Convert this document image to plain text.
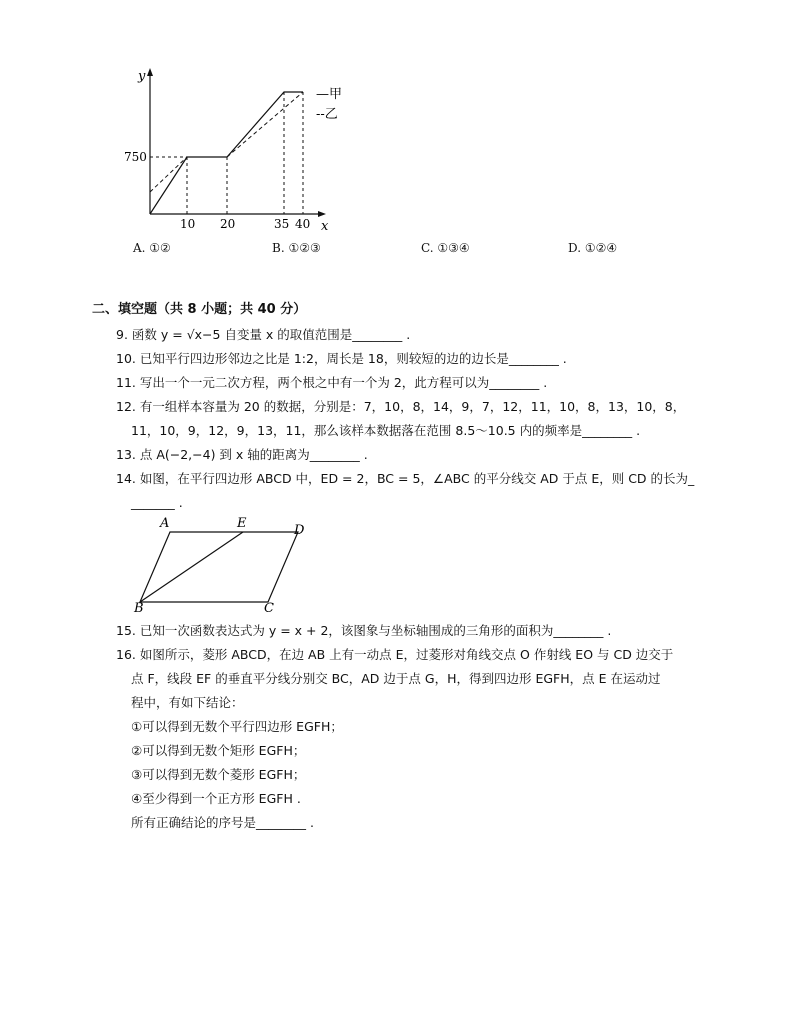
y
x
750
10 20	35 40
—甲
--乙
A. ①②	B. ①②③	C. ①③④	D. ①②④
二、填空题（共 8 小题；共 40 分）
9. 函数 y = √x−5 自变量 x 的取值范围是________ .
10. 已知平行四边形邻边之比是 1:2，周长是 18，则较短的边的边长是________ .
11. 写出一个一元二次方程，两个根之中有一个为 2，此方程可以为________ .
12. 有一组样本容量为 20 的数据，分别是：7，10，8，14，9，7，12，11，10，8，13，10，8，
11，10，9，12，9，13，11，那么该样本数据落在范围 8.5～10.5 内的频率是________ .
13. 点 A(−2,−4) 到 x 轴的距离为________ .
14. 如图，在平行四边形 ABCD 中，ED = 2，BC = 5，∠ABC 的平分线交 AD 于点 E，则 CD 的长为_
_______ .
A	E	D
B	C
15. 已知一次函数表达式为 y = x + 2，该图象与坐标轴围成的三角形的面积为________ .
16. 如图所示，菱形 ABCD，在边 AB 上有一动点 E，过菱形对角线交点 O 作射线 EO 与 CD 边交于
点 F，线段 EF 的垂直平分线分别交 BC，AD 边于点 G，H，得到四边形 EGFH，点 E 在运动过
程中，有如下结论：
①可以得到无数个平行四边形 EGFH；
②可以得到无数个矩形 EGFH；
③可以得到无数个菱形 EGFH；
④至少得到一个正方形 EGFH .
所有正确结论的序号是________ .
